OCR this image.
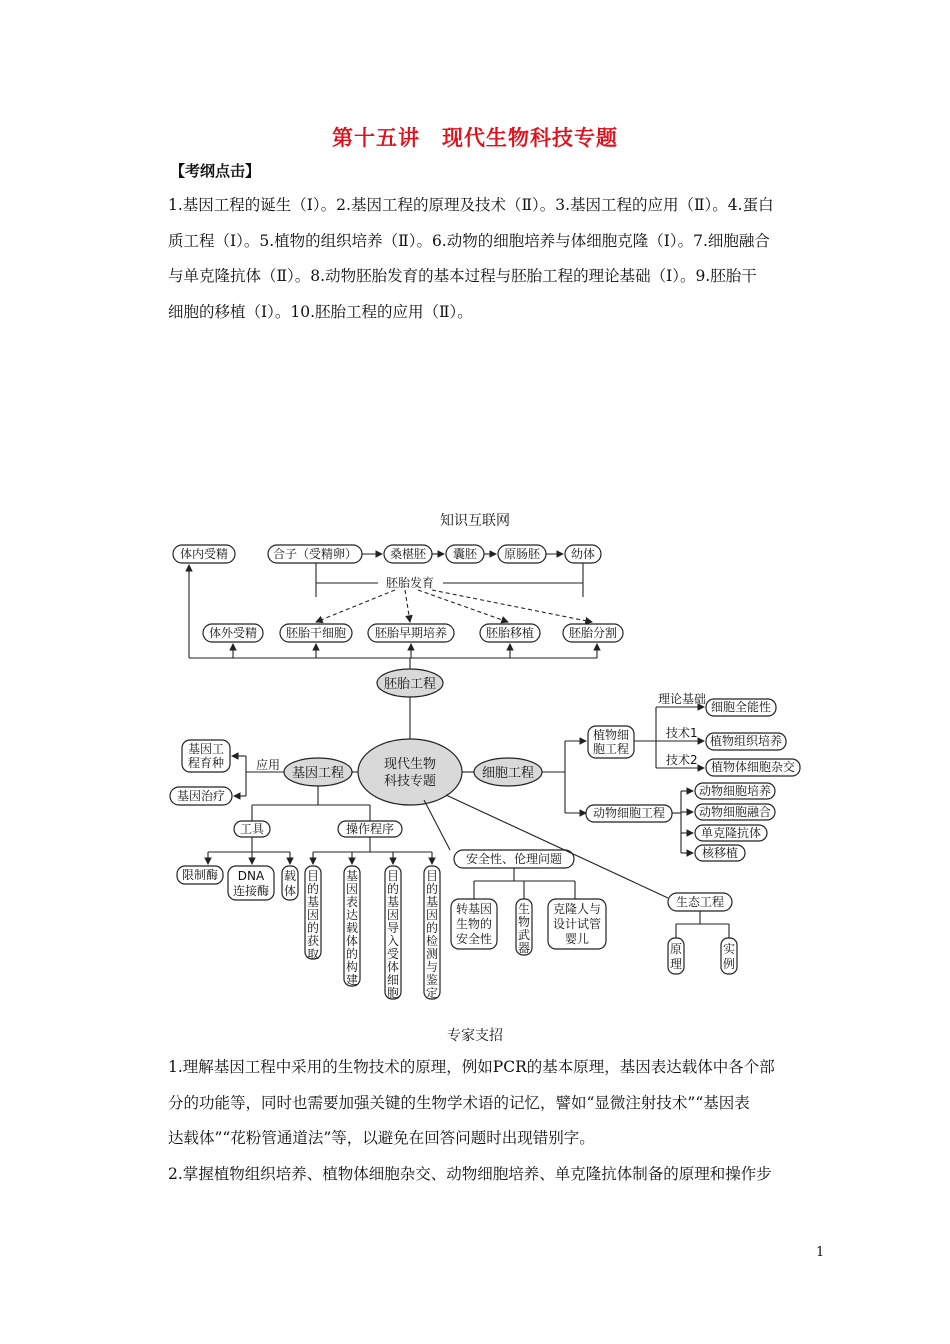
第十五讲　现代生物科技专题
【考纲点击】

1.基因工程的诞生（Ⅰ）。2.基因工程的原理及技术（Ⅱ）。3.基因工程的应用（Ⅱ）。4.蛋白

质工程（Ⅰ）。5.植物的组织培养（Ⅱ）。6.动物的细胞培养与体细胞克隆（Ⅰ）。7.细胞融合

与单克隆抗体（Ⅱ）。8.动物胚胎发育的基本过程与胚胎工程的理论基础（Ⅰ）。9.胚胎干

细胞的移植（Ⅰ）。10.胚胎工程的应用（Ⅱ）。

知识互联网
体内受精	合子（受精卵）	桑椹胚 囊胚 原肠胚	幼体
胚胎发育
体外受精 胚胎干细胞 胚胎早期培养	胚胎移植	胚胎分割
胚胎工程
现代生物
科技专题
基因工程
基因工
程育种
基因治疗
应用
工具	操作程序
限制酶 DNA
连接酶
载体
目的基因的获取
基因表达载体的构建
目的基因导入受体细胞
目的基因的检测与鉴定
安全性、伦理问题
转基因
生物的
安全性
生物武器
克隆人与
设计试管
婴儿
生态工程
原理
实例
细胞工程
植物细
胞工程
理论基础
技术1
技术2
细胞全能性
植物组织培养
植物体细胞杂交
动物细胞工程
动物细胞培养
动物细胞融合
单克隆抗体
核移植
专家支招

1.理解基因工程中采用的生物技术的原理，例如PCR的基本原理，基因表达载体中各个部

分的功能等，同时也需要加强关键的生物学术语的记忆，譬如“显微注射技术”“基因表

达载体”“花粉管通道法”等，以避免在回答问题时出现错别字。

2.掌握植物组织培养、植物体细胞杂交、动物细胞培养、单克隆抗体制备的原理和操作步

1
